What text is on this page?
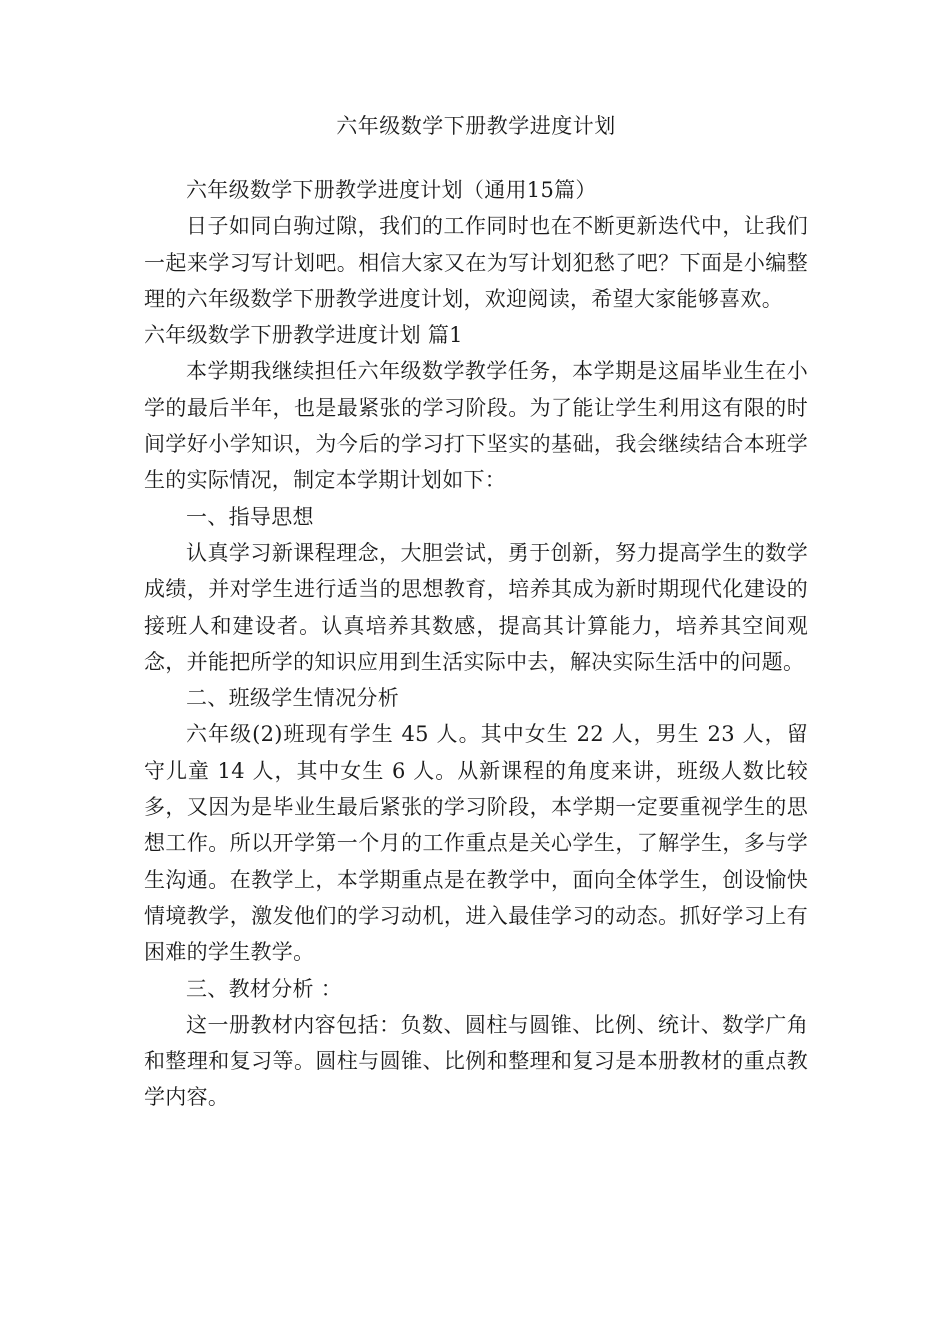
六年级数学下册教学进度计划

六年级数学下册教学进度计划（通用15篇）

日子如同白驹过隙，我们的工作同时也在不断更新迭代中，让我们一起来学习写计划吧。相信大家又在为写计划犯愁了吧？下面是小编整理的六年级数学下册教学进度计划，欢迎阅读，希望大家能够喜欢。

六年级数学下册教学进度计划 篇1

本学期我继续担任六年级数学教学任务，本学期是这届毕业生在小学的最后半年，也是最紧张的学习阶段。为了能让学生利用这有限的时间学好小学知识，为今后的学习打下坚实的基础，我会继续结合本班学生的实际情况，制定本学期计划如下：

一、指导思想

认真学习新课程理念，大胆尝试，勇于创新，努力提高学生的数学成绩，并对学生进行适当的思想教育，培养其成为新时期现代化建设的接班人和建设者。认真培养其数感，提高其计算能力，培养其空间观念，并能把所学的知识应用到生活实际中去，解决实际生活中的问题。

二、班级学生情况分析

六年级(2)班现有学生 45 人。其中女生 22 人，男生 23 人，留守儿童 14 人，其中女生 6 人。从新课程的角度来讲，班级人数比较多，又因为是毕业生最后紧张的学习阶段，本学期一定要重视学生的思想工作。所以开学第一个月的工作重点是关心学生，了解学生，多与学生沟通。在教学上，本学期重点是在教学中，面向全体学生，创设愉快情境教学，激发他们的学习动机，进入最佳学习的动态。抓好学习上有困难的学生教学。

三、教材分析 ：

这一册教材内容包括：负数、圆柱与圆锥、比例、统计、数学广角和整理和复习等。圆柱与圆锥、比例和整理和复习是本册教材的重点教学内容。
